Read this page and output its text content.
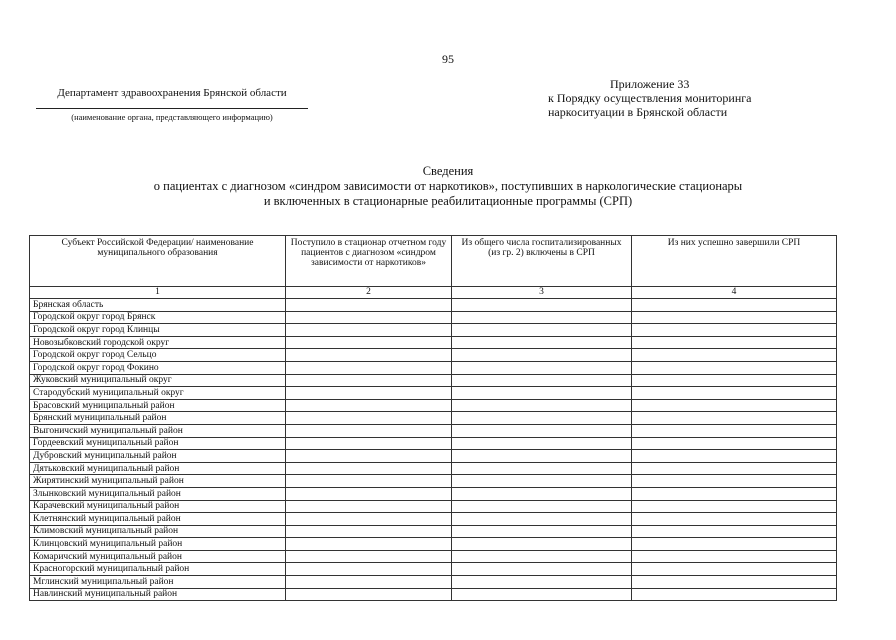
95
Департамент здравоохранения Брянской области
(наименование органа, представляющего информацию)
Приложение 33
к Порядку осуществления мониторинга
наркоситуации в Брянской области
Сведения
о пациентах с диагнозом «синдром зависимости от наркотиков», поступивших в наркологические стационары
и включенных в стационарные реабилитационные программы (СРП)
Субъект Российской Федерации/ наименование муниципального образования	Поступило в стационар отчетном году пациентов с диагнозом «синдром зависимости от наркотиков»	Из общего числа госпитализированных (из гр. 2) включены в СРП	Из них успешно завершили СРП
1	2	3	4
Брянская область			
Городской округ город Брянск			
Городской округ город Клинцы			
Новозыбковский городской округ			
Городской округ город Сельцо			
Городской округ город Фокино			
Жуковский муниципальный округ			
Стародубский муниципальный округ			
Брасовский муниципальный район			
Брянский муниципальный район			
Выгоничский муниципальный район			
Гордеевский муниципальный район			
Дубровский муниципальный район			
Дятьковский муниципальный район			
Жирятинский муниципальный район			
Злынковский муниципальный район			
Карачевский муниципальный район			
Клетнянский муниципальный район			
Климовский муниципальный район			
Клинцовский муниципальный район			
Комаричский муниципальный район			
Красногорский муниципальный район			
Мглинский муниципальный район			
Навлинский муниципальный район			
